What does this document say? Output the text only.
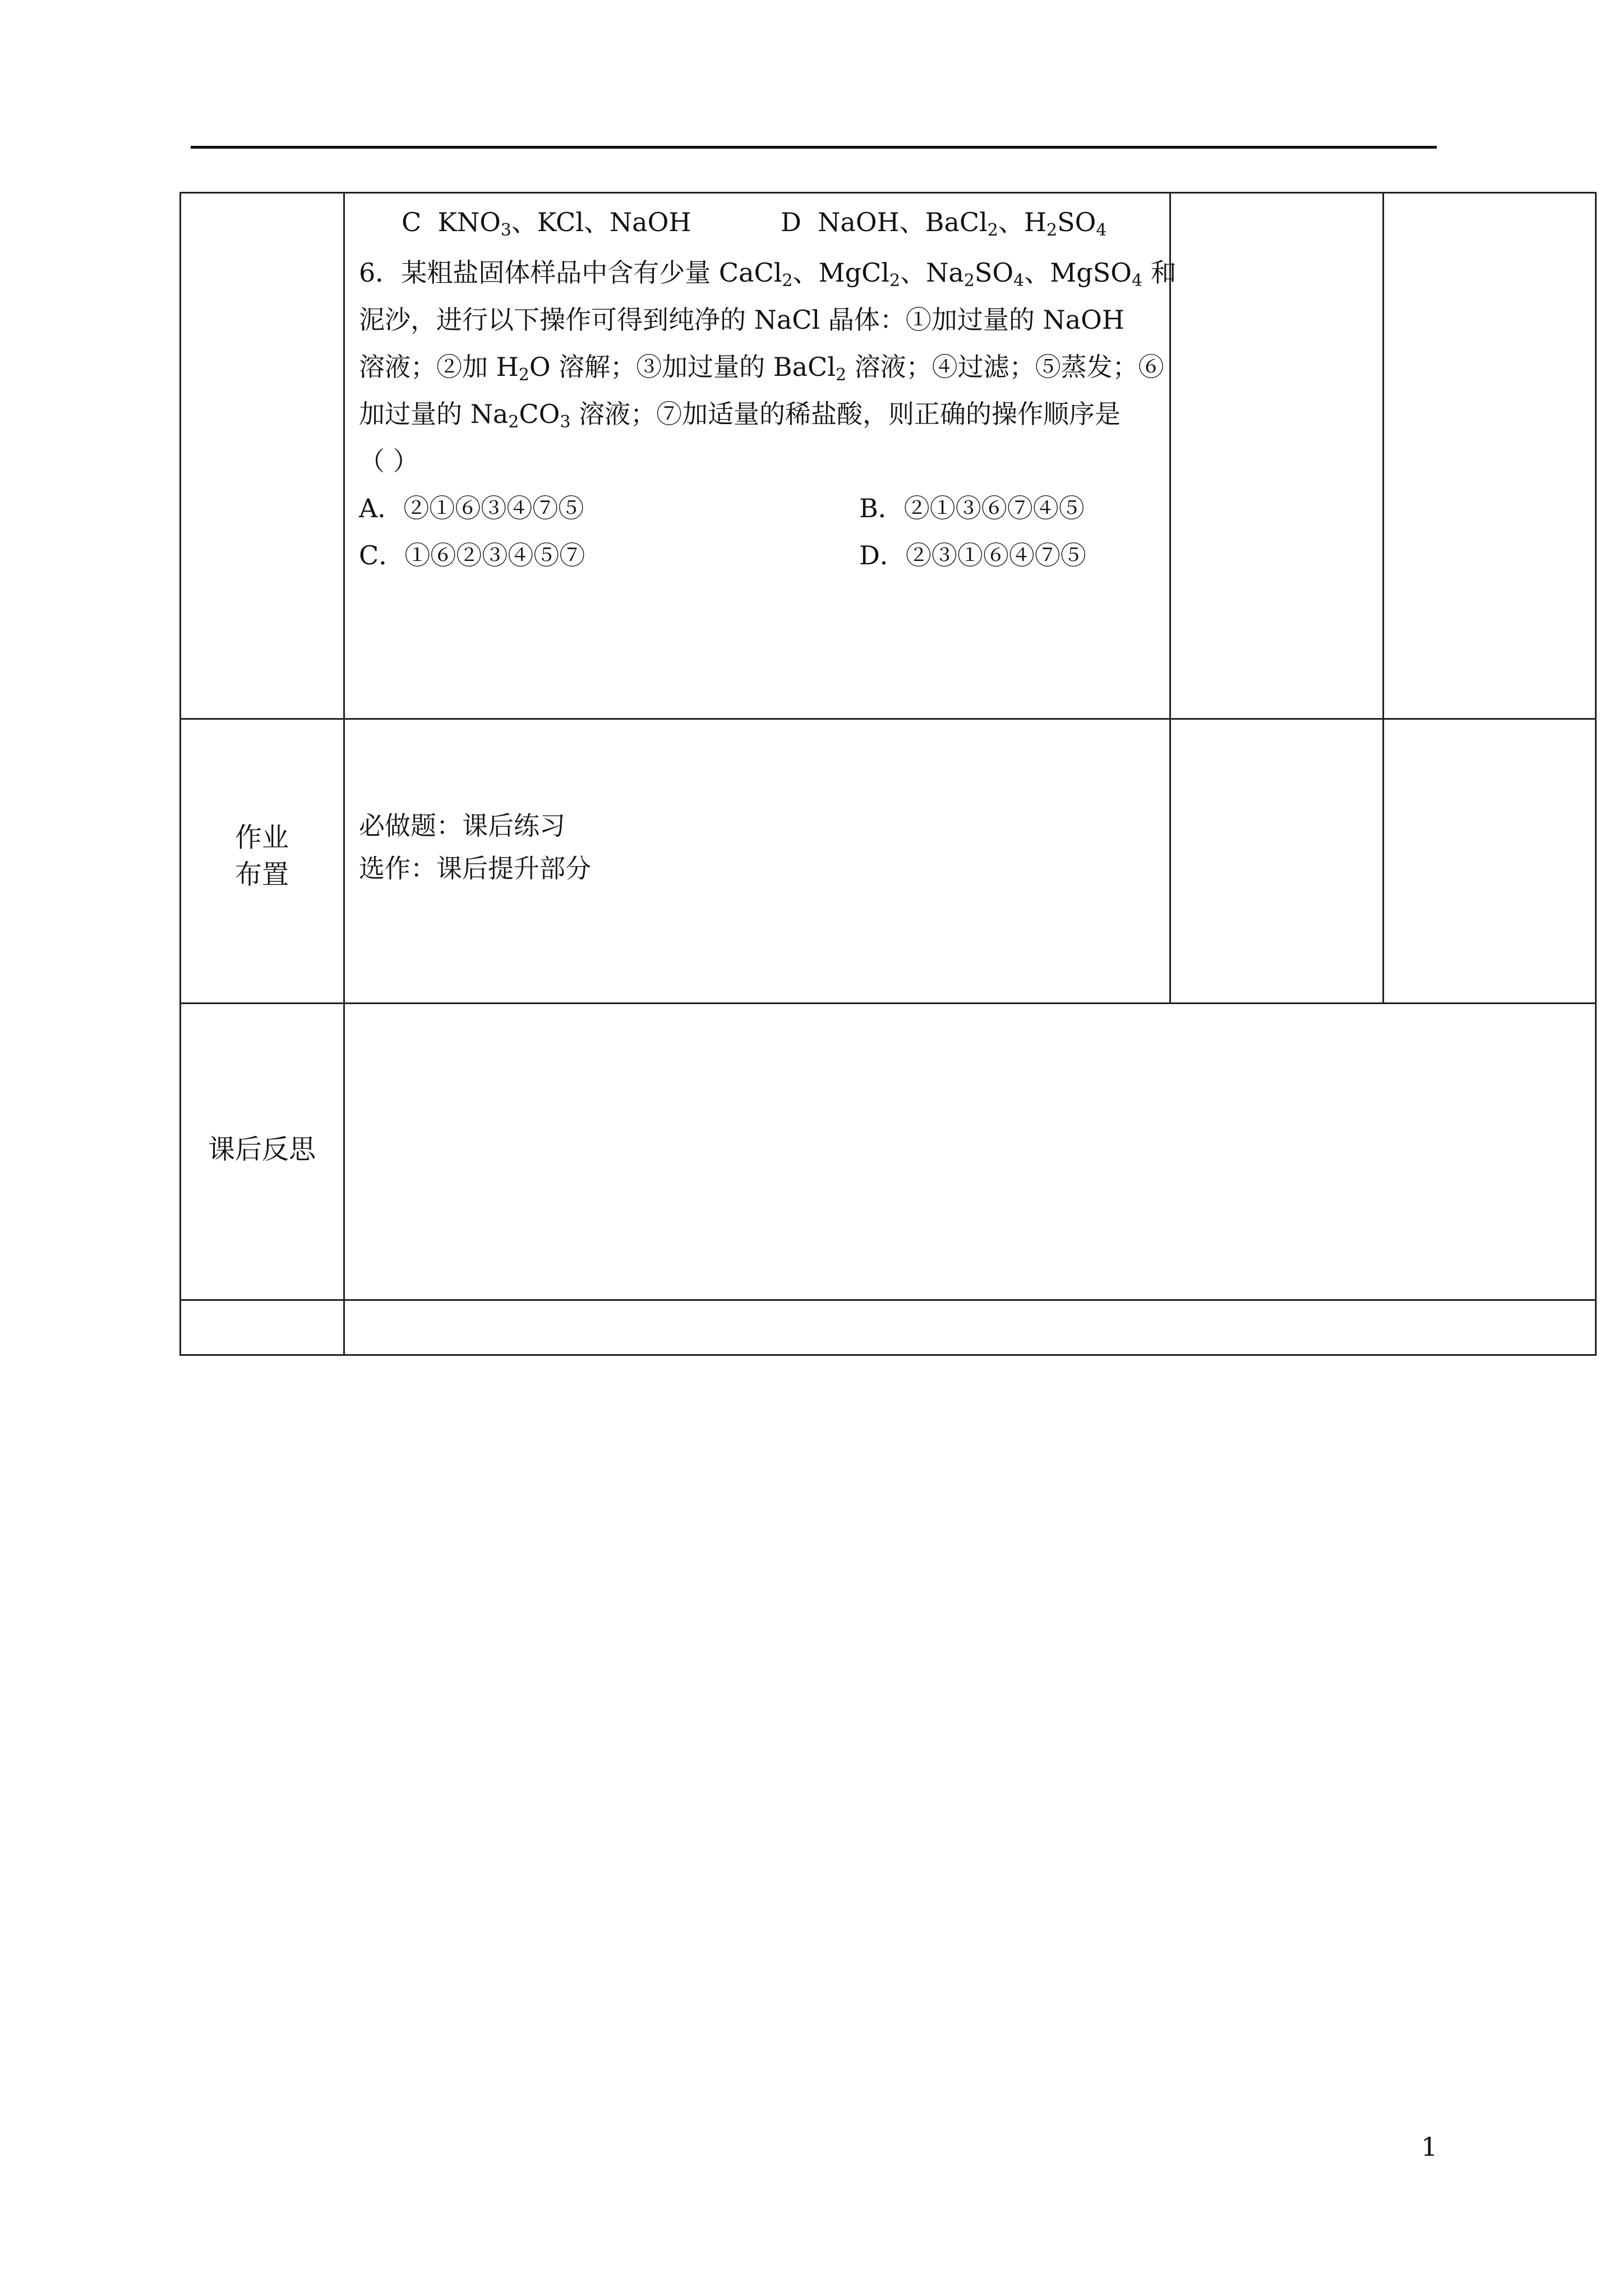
C $KNO_3$、KCl、NaOH	D NaOH、BaCl$_2$、$H_2SO_4$
6．某粗盐固体样品中含有少量 CaCl$_2$、MgCl$_2$、$Na_2SO_4$、MgSO$_4$ 和
泥沙，进行以下操作可得到纯净的 NaCl 晶体：①加过量的 NaOH
溶液；②加 $H_2O$ 溶解；③加过量的 BaCl$_2$ 溶液；④过滤；⑤蒸发；⑥
加过量的 $Na_2CO_3$ 溶液；⑦加适量的稀盐酸，则正确的操作顺序是
（ ）
A．②①⑥③④⑦⑤	B．②①③⑥⑦④⑤
C．①⑥②③④⑤⑦	D．②③①⑥④⑦⑤
作业
布置
必做题：课后练习
选作：课后提升部分
课后反思
1
